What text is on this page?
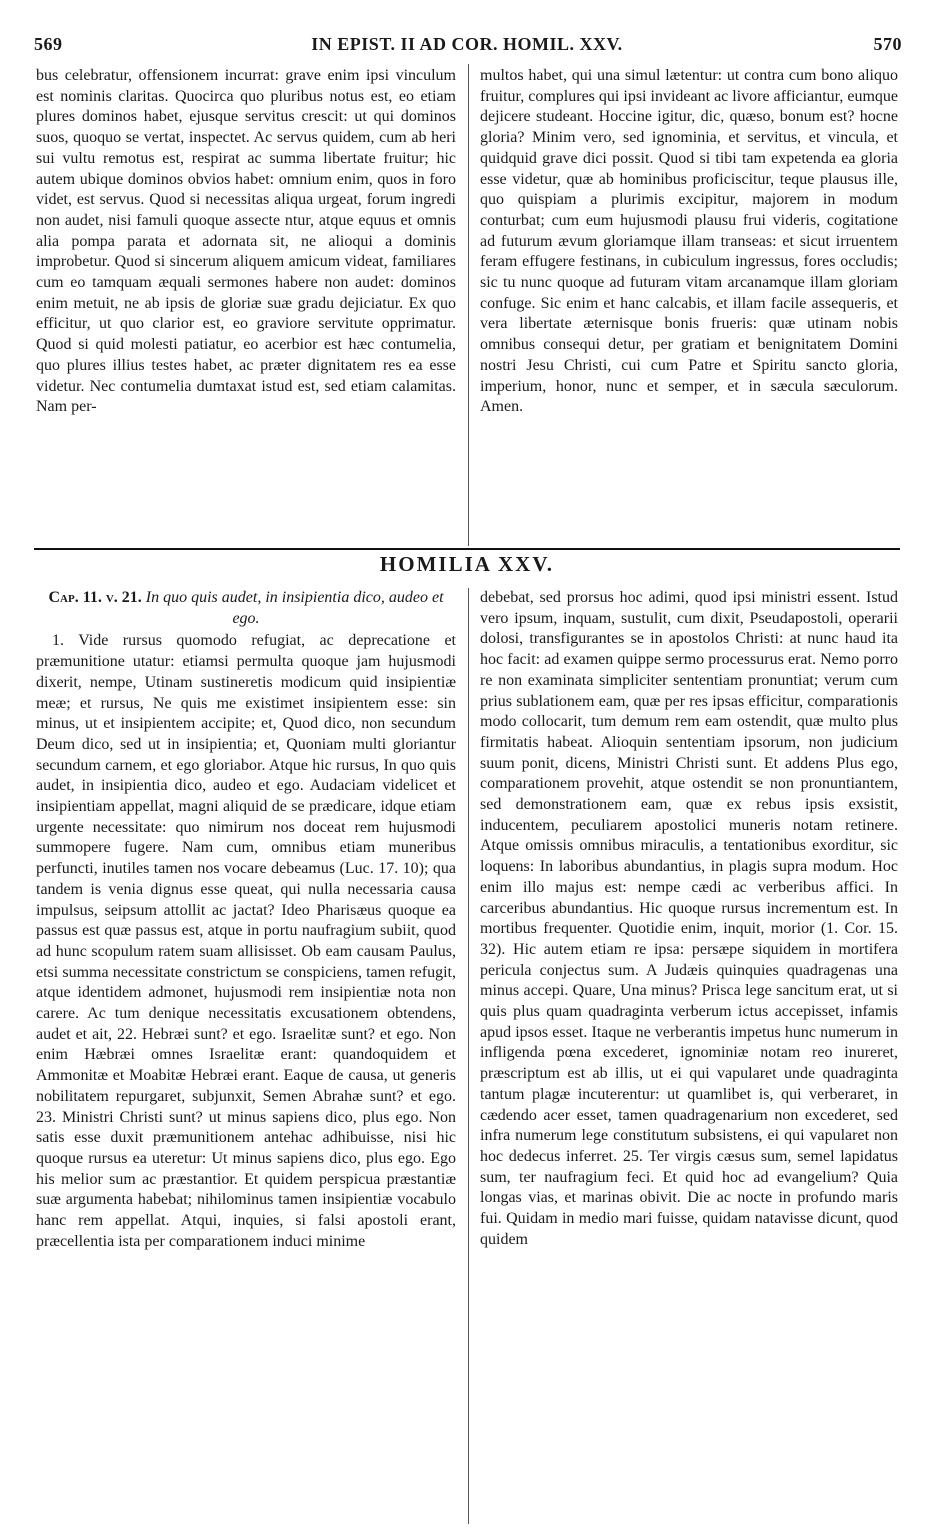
569	IN EPIST. II AD COR. HOMIL. XXV.	570

bus celebratur, offensionem incurrat: grave enim ipsi vinculum est nominis claritas. Quocirca quo pluribus notus est, eo etiam plures dominos habet, ejusque servitus crescit: ut qui dominos suos, quoquo se vertat, inspectet. Ac servus quidem, cum ab heri sui vultu remotus est, respirat ac summa libertate fruitur; hic autem ubique dominos obvios habet: omnium enim, quos in foro videt, est servus. Quod si necessitas aliqua urgeat, forum ingredi non audet, nisi famuli quoque assecte ntur, atque equus et omnis alia pompa parata et adornata sit, ne alioqui a dominis improbetur. Quod si sincerum aliquem amicum videat, familiares cum eo tamquam æquali sermones habere non audet: dominos enim metuit, ne ab ipsis de gloriæ suæ gradu dejiciatur. Ex quo efficitur, ut quo clarior est, eo graviore servitute opprimatur. Quod si quid molesti patiatur, eo acerbior est hæc contumelia, quo plures illius testes habet, ac præter dignitatem res ea esse videtur. Nec contumelia dumtaxat istud est, sed etiam calamitas. Nam per-

multos habet, qui una simul lætentur: ut contra cum bono aliquo fruitur, complures qui ipsi invideant ac livore afficiantur, eumque dejicere studeant. Hoccine igitur, dic, quæso, bonum est? hocne gloria? Minim vero, sed ignominia, et servitus, et vincula, et quidquid grave dici possit. Quod si tibi tam expetenda ea gloria esse videtur, quæ ab hominibus proficiscitur, teque plausus ille, quo quispiam a plurimis excipitur, majorem in modum conturbat; cum eum hujusmodi plausu frui videris, cogitatione ad futurum ævum gloriamque illam transeas: et sicut irruentem feram effugere festinans, in cubiculum ingressus, fores occludis; sic tu nunc quoque ad futuram vitam arcanamque illam gloriam confuge. Sic enim et hanc calcabis, et illam facile assequeris, et vera libertate æternisque bonis frueris: quæ utinam nobis omnibus consequi detur, per gratiam et benignitatem Domini nostri Jesu Christi, cui cum Patre et Spiritu sancto gloria, imperium, honor, nunc et semper, et in sæcula sæculorum. Amen.

HOMILIA XXV.

Cap. 11. v. 21. In quo quis audet, in insipientia dico, audeo et ego.

1. Vide rursus quomodo refugiat, ac deprecatione et præmunitione utatur: etiamsi permulta quoque jam hujusmodi dixerit, nempe, Utinam sustineretis modicum quid insipientiæ meæ; et rursus, Ne quis me existimet insipientem esse: sin minus, ut et insipientem accipite; et, Quod dico, non secundum Deum dico, sed ut in insipientia; et, Quoniam multi gloriantur secundum carnem, et ego gloriabor. Atque hic rursus, In quo quis audet, in insipientia dico, audeo et ego. Audaciam videlicet et insipientiam appellat, magni aliquid de se prædicare, idque etiam urgente necessitate: quo nimirum nos doceat rem hujusmodi summopere fugere. Nam cum, omnibus etiam muneribus perfuncti, inutiles tamen nos vocare debeamus (Luc. 17. 10); qua tandem is venia dignus esse queat, qui nulla necessaria causa impulsus, seipsum attollit ac jactat? Ideo Pharisæus quoque ea passus est quæ passus est, atque in portu naufragium subiit, quod ad hunc scopulum ratem suam allisisset. Ob eam causam Paulus, etsi summa necessitate constrictum se conspiciens, tamen refugit, atque identidem admonet, hujusmodi rem insipientiæ nota non carere. Ac tum denique necessitatis excusationem obtendens, audet et ait, 22. Hebræi sunt? et ego. Israelitæ sunt? et ego. Non enim Hæbræi omnes Israelitæ erant: quandoquidem et Ammonitæ et Moabitæ Hebræi erant. Eaque de causa, ut generis nobilitatem repurgaret, subjunxit, Semen Abrahæ sunt? et ego. 23. Ministri Christi sunt? ut minus sapiens dico, plus ego. Non satis esse duxit præmunitionem antehac adhibuisse, nisi hic quoque rursus ea uteretur: Ut minus sapiens dico, plus ego. Ego his melior sum ac præstantior. Et quidem perspicua præstantiæ suæ argumenta habebat; nihilominus tamen insipientiæ vocabulo hanc rem appellat. Atqui, inquies, si falsi apostoli erant, præcellentia ista per comparationem induci minime

debebat, sed prorsus hoc adimi, quod ipsi ministri essent. Istud vero ipsum, inquam, sustulit, cum dixit, Pseudapostoli, operarii dolosi, transfigurantes se in apostolos Christi: at nunc haud ita hoc facit: ad examen quippe sermo processurus erat. Nemo porro re non examinata simpliciter sententiam pronuntiat; verum cum prius sublationem eam, quæ per res ipsas efficitur, comparationis modo collocarit, tum demum rem eam ostendit, quæ multo plus firmitatis habeat. Alioquin sententiam ipsorum, non judicium suum ponit, dicens, Ministri Christi sunt. Et addens Plus ego, comparationem provehit, atque ostendit se non pronuntiantem, sed demonstrationem eam, quæ ex rebus ipsis exsistit, inducentem, peculiarem apostolici muneris notam retinere. Atque omissis omnibus miraculis, a tentationibus exorditur, sic loquens: In laboribus abundantius, in plagis supra modum. Hoc enim illo majus est: nempe cædi ac verberibus affici. In carceribus abundantius. Hic quoque rursus incrementum est. In mortibus frequenter. Quotidie enim, inquit, morior (1. Cor. 15. 32). Hic autem etiam re ipsa: persæpe siquidem in mortifera pericula conjectus sum. A Judæis quinquies quadragenas una minus accepi. Quare, Una minus? Prisca lege sancitum erat, ut si quis plus quam quadraginta verberum ictus accepisset, infamis apud ipsos esset. Itaque ne verberantis impetus hunc numerum in infligenda pœna excederet, ignominiæ notam reo inureret, præscriptum est ab illis, ut ei qui vapularet unde quadraginta tantum plagæ incuterentur: ut quamlibet is, qui verberaret, in cædendo acer esset, tamen quadragenarium non excederet, sed infra numerum lege constitutum subsistens, ei qui vapularet non hoc dedecus inferret. 25. Ter virgis cæsus sum, semel lapidatus sum, ter naufragium feci. Et quid hoc ad evangelium? Quia longas vias, et marinas obivit. Die ac nocte in profundo maris fui. Quidam in medio mari fuisse, quidam natavisse dicunt, quod quidem
